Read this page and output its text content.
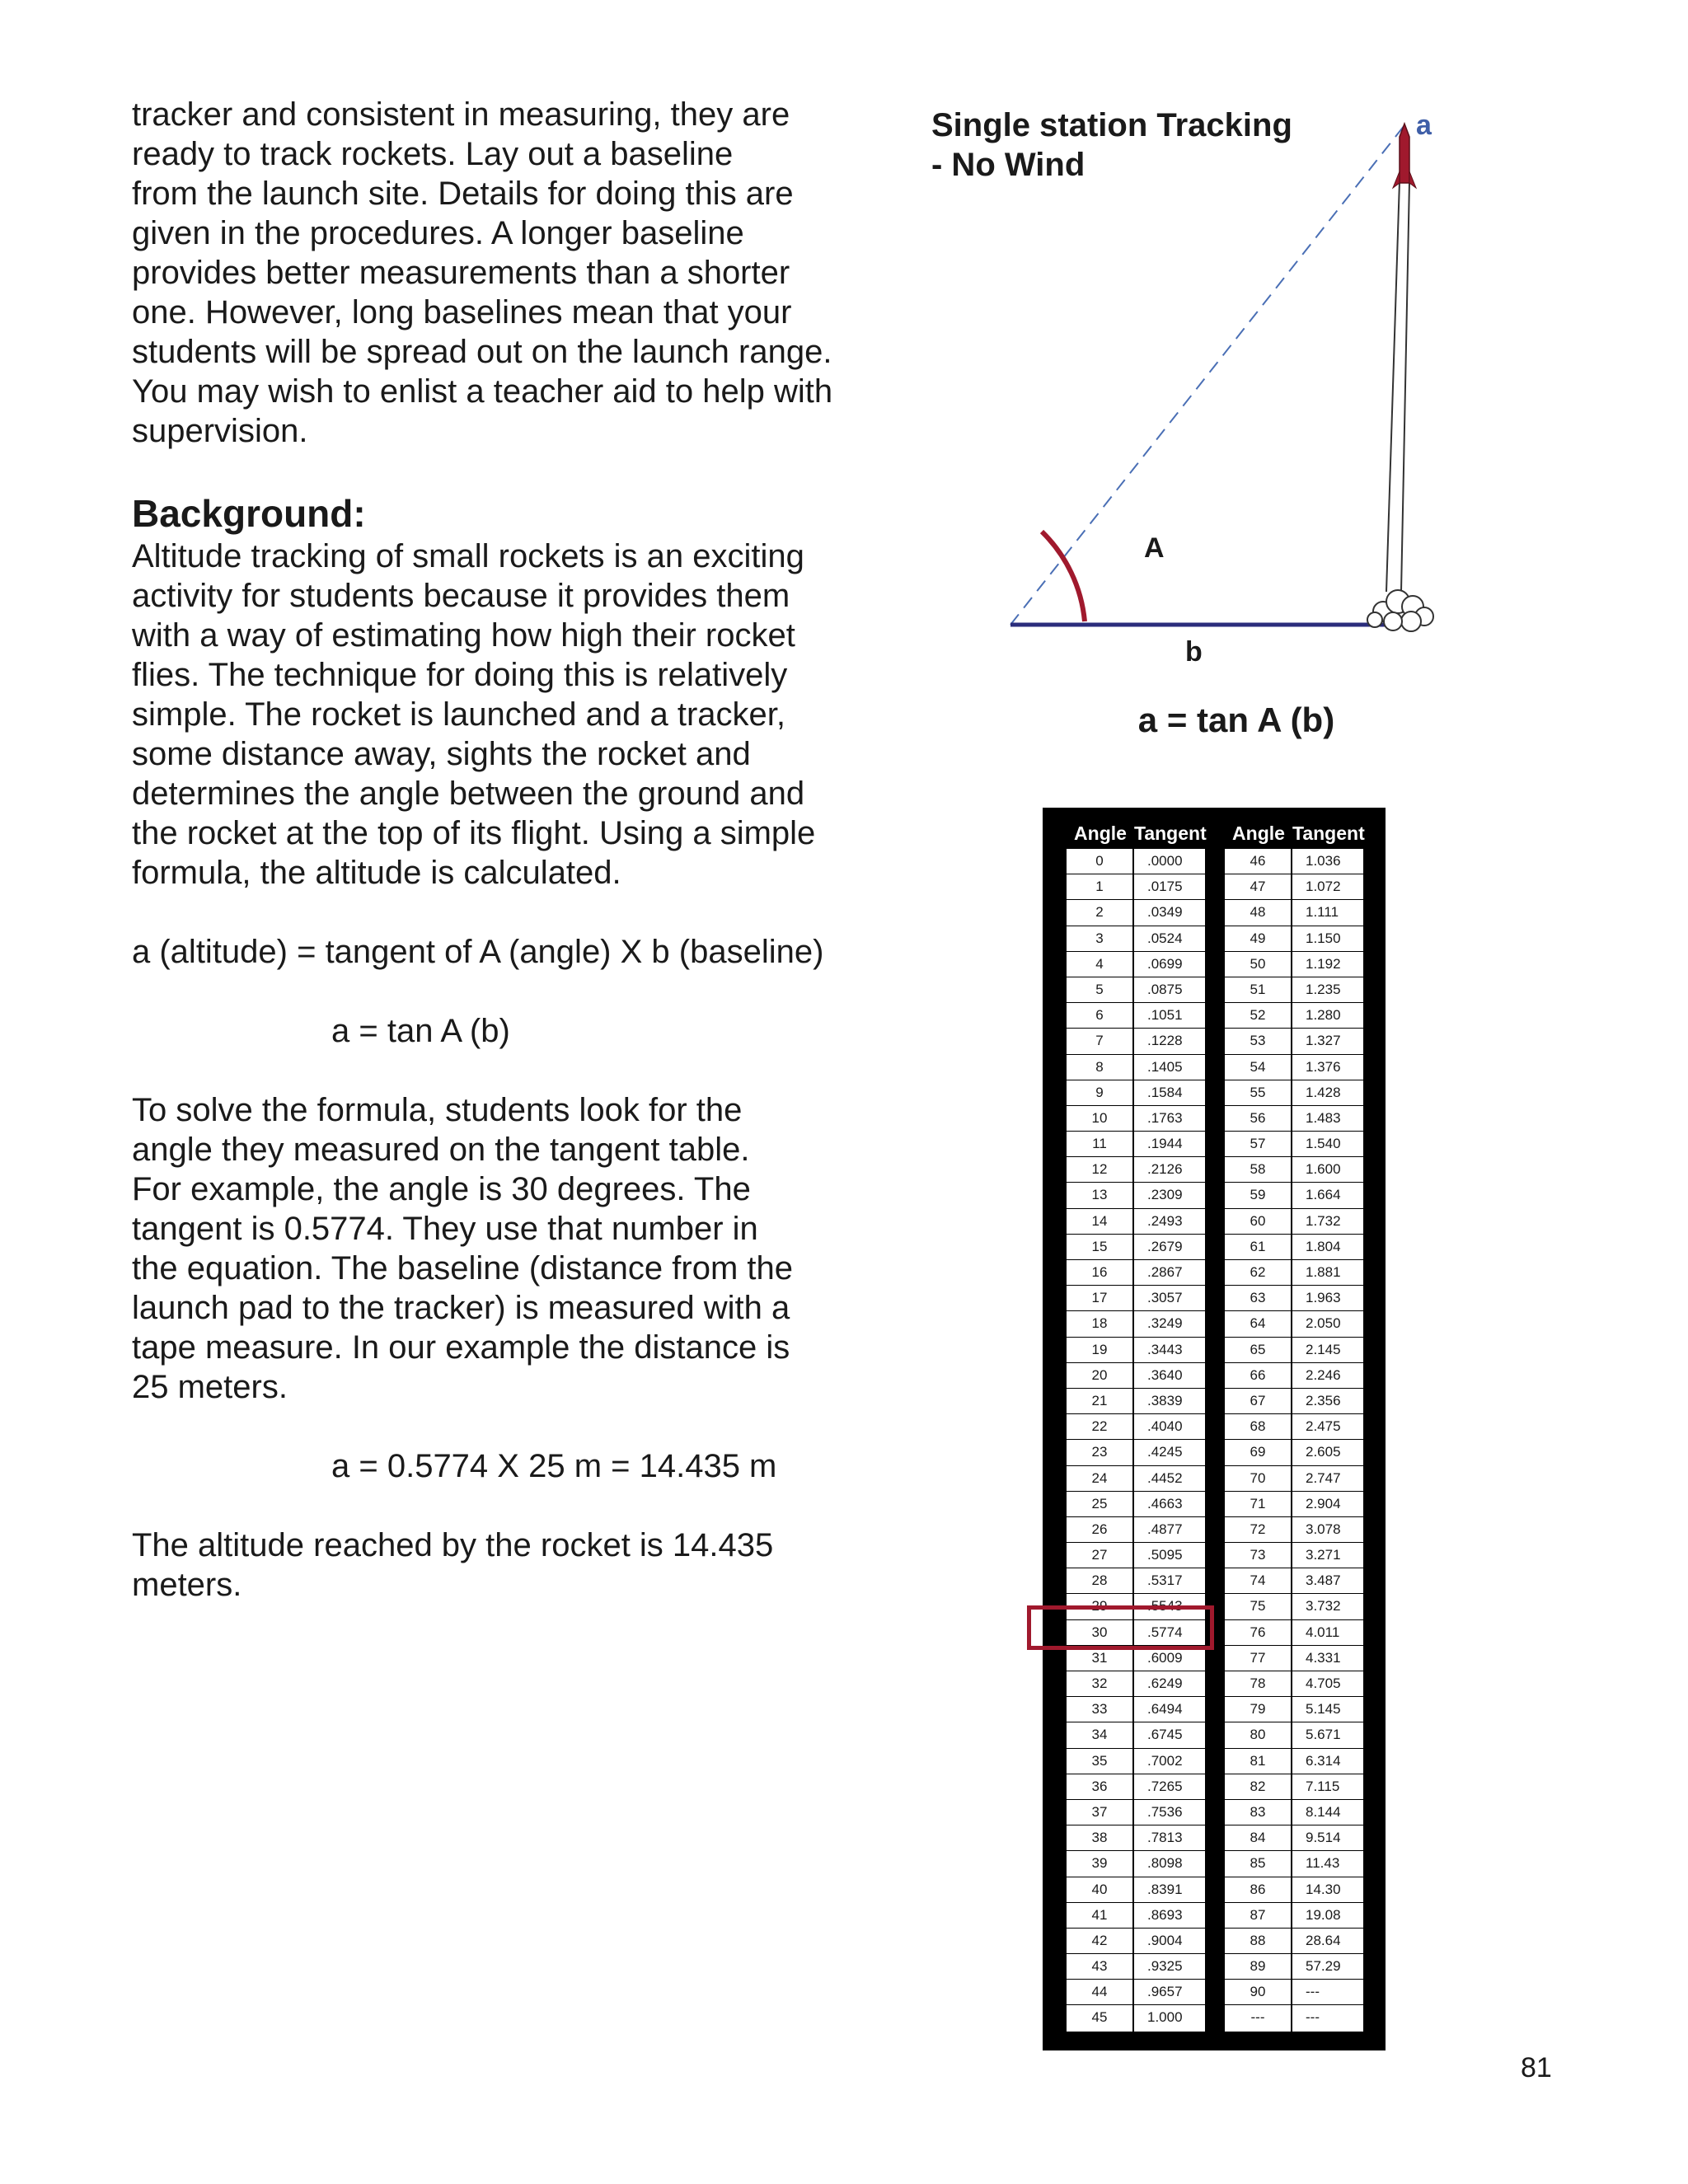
tracker and consistent in measuring, they are

ready to track rockets. Lay out a baseline

from the launch site. Details for doing this are

given in the procedures. A longer baseline

provides better measurements than a shorter

one. However, long baselines mean that your

students will be spread out on the launch range.

You may wish to enlist a teacher aid to help with

supervision.

Background:

Altitude tracking of small rockets is an exciting

activity for students because it provides them

with a way of estimating how high their rocket

flies. The technique for doing this is relatively

simple. The rocket is launched and a tracker,

some distance away, sights the rocket and

determines the angle between the ground and

the rocket at the top of its flight. Using a simple

formula, the altitude is calculated.

a (altitude) = tangent of A (angle) X b (baseline)

a = tan A (b)

To solve the formula, students look for the

angle they measured on the tangent table.

For example, the angle is 30 degrees. The

tangent is 0.5774. They use that number in

the equation. The baseline (distance from the

launch pad to the tracker) is measured with a

tape measure. In our example the distance is

25 meters.

a = 0.5774 X 25 m = 14.435 m

The altitude reached by the rocket is 14.435

meters.

Single station Tracking
- No Wind
a
A
b
a = tan A (b)
Angle Tangent
0	.0000
1	.0175
2	.0349
3	.0524
4	.0699
5	.0875
6	.1051
7	.1228
8	.1405
9	.1584
10	.1763
11	.1944
12	.2126
13	.2309
14	.2493
15	.2679
16	.2867
17	.3057
18	.3249
19	.3443
20	.3640
21	.3839
22	.4040
23	.4245
24	.4452
25	.4663
26	.4877
27	.5095
28	.5317
29	.5543
30	.5774
31	.6009
32	.6249
33	.6494
34	.6745
35	.7002
36	.7265
37	.7536
38	.7813
39	.8098
40	.8391
41	.8693
42	.9004
43	.9325
44	.9657
45	1.000
Angle Tangent
46	1.036
47	1.072
48	1.111
49	1.150
50	1.192
51	1.235
52	1.280
53	1.327
54	1.376
55	1.428
56	1.483
57	1.540
58	1.600
59	1.664
60	1.732
61	1.804
62	1.881
63	1.963
64	2.050
65	2.145
66	2.246
67	2.356
68	2.475
69	2.605
70	2.747
71	2.904
72	3.078
73	3.271
74	3.487
75	3.732
76	4.011
77	4.331
78	4.705
79	5.145
80	5.671
81	6.314
82	7.115
83	8.144
84	9.514
85	11.43
86	14.30
87	19.08
88	28.64
89	57.29
90	---
---	---
81
